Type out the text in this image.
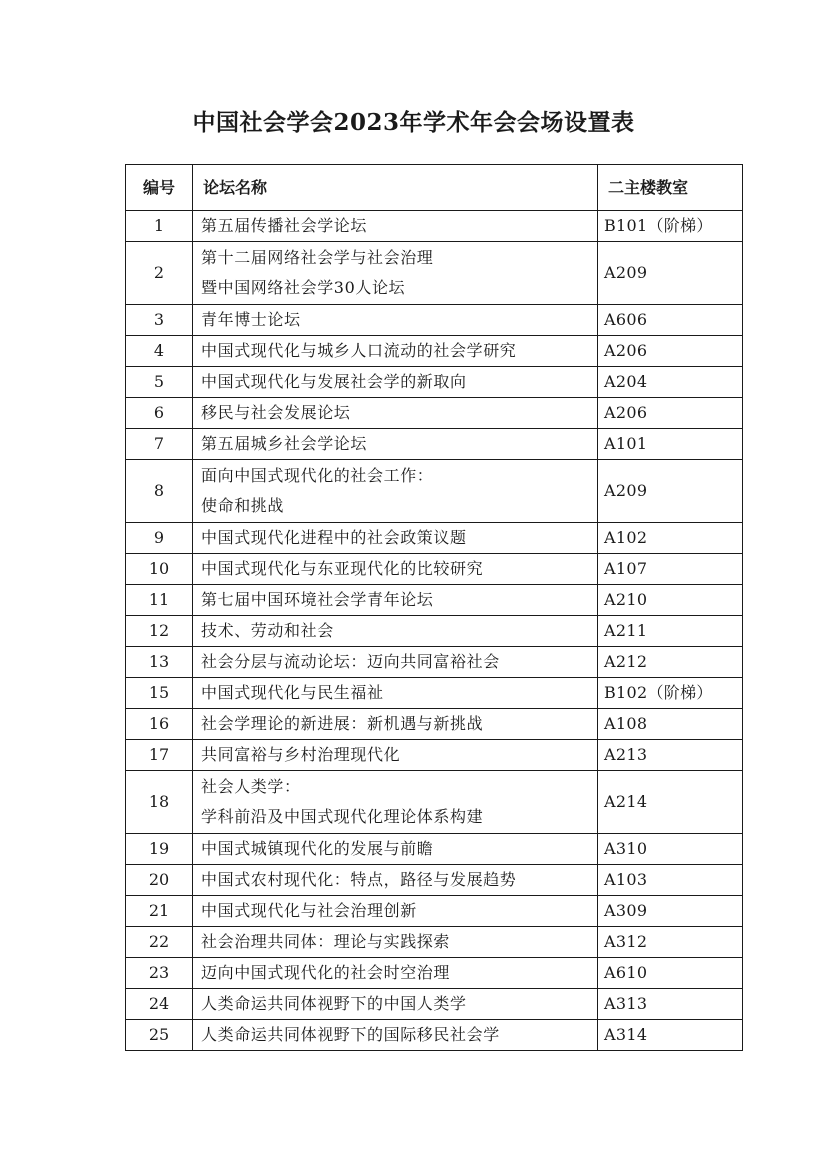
中国社会学会2023年学术年会会场设置表
编号	论坛名称	二主楼教室
1	第五届传播社会学论坛	B101（阶梯）
2	第十二届网络社会学与社会治理
暨中国网络社会学30人论坛	A209
3	青年博士论坛	A606
4	中国式现代化与城乡人口流动的社会学研究	A206
5	中国式现代化与发展社会学的新取向	A204
6	移民与社会发展论坛	A206
7	第五届城乡社会学论坛	A101
8	面向中国式现代化的社会工作：
使命和挑战	A209
9	中国式现代化进程中的社会政策议题	A102
10	中国式现代化与东亚现代化的比较研究	A107
11	第七届中国环境社会学青年论坛	A210
12	技术、劳动和社会	A211
13	社会分层与流动论坛：迈向共同富裕社会	A212
15	中国式现代化与民生福祉	B102（阶梯）
16	社会学理论的新进展：新机遇与新挑战	A108
17	共同富裕与乡村治理现代化	A213
18	社会人类学：
学科前沿及中国式现代化理论体系构建	A214
19	中国式城镇现代化的发展与前瞻	A310
20	中国式农村现代化：特点，路径与发展趋势	A103
21	中国式现代化与社会治理创新	A309
22	社会治理共同体：理论与实践探索	A312
23	迈向中国式现代化的社会时空治理	A610
24	人类命运共同体视野下的中国人类学	A313
25	人类命运共同体视野下的国际移民社会学	A314
